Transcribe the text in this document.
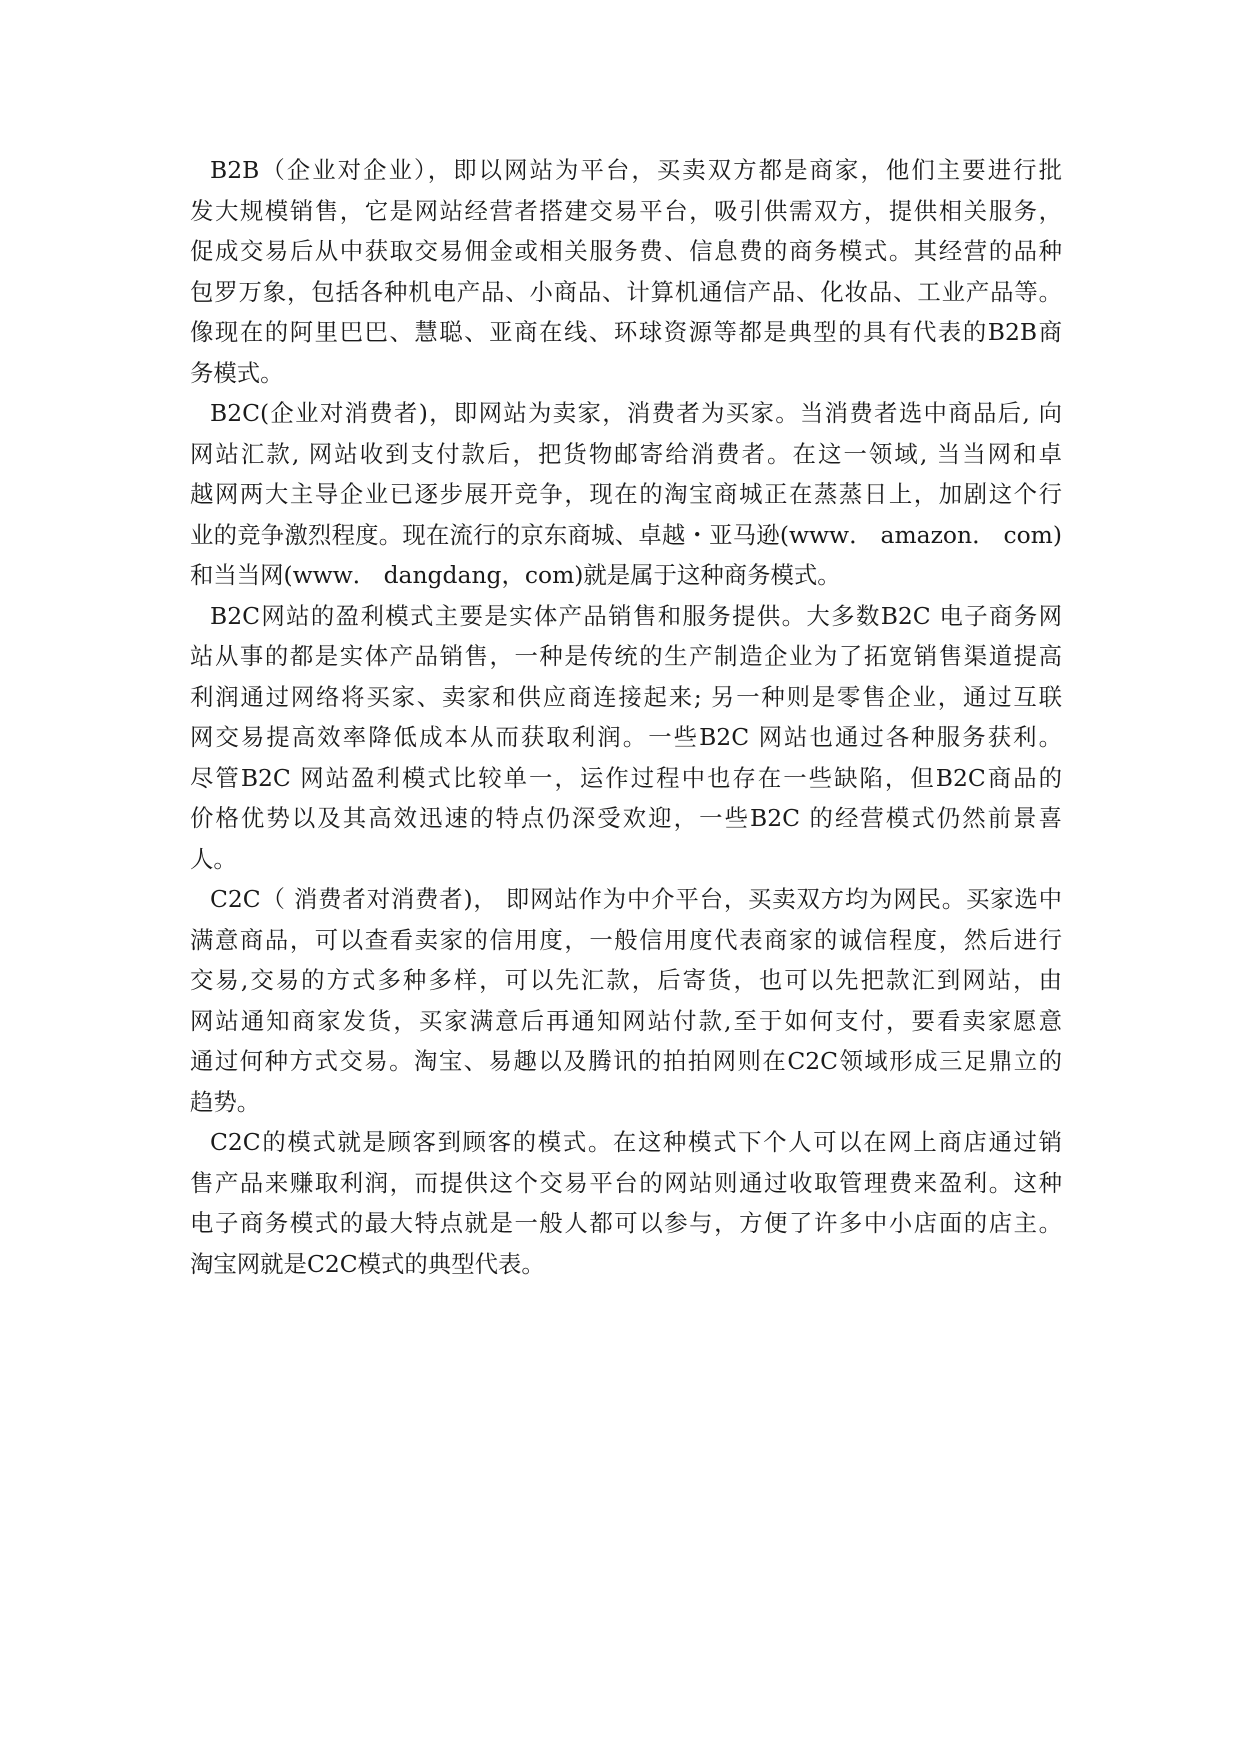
B2B（企业对企业），即以网站为平台，买卖双方都是商家，他们主要进行批
发大规模销售，它是网站经营者搭建交易平台，吸引供需双方，提供相关服务，
促成交易后从中获取交易佣金或相关服务费、信息费的商务模式。其经营的品种
包罗万象，包括各种机电产品、小商品、计算机通信产品、化妆品、工业产品等。
像现在的阿里巴巴、慧聪、亚商在线、环球资源等都是典型的具有代表的B2B商
务模式。
B2C(企业对消费者)，即网站为卖家，消费者为买家。当消费者选中商品后, 向
网站汇款, 网站收到支付款后，把货物邮寄给消费者。在这一领域, 当当网和卓
越网两大主导企业已逐步展开竞争，现在的淘宝商城正在蒸蒸日上，加剧这个行
业的竞争激烈程度。现在流行的京东商城、卓越・亚马逊(www． amazon． com)
和当当网(www． dangdang，com)就是属于这种商务模式。
B2C网站的盈利模式主要是实体产品销售和服务提供。大多数B2C 电子商务网
站从事的都是实体产品销售，一种是传统的生产制造企业为了拓宽销售渠道提高
利润通过网络将买家、卖家和供应商连接起来; 另一种则是零售企业，通过互联
网交易提高效率降低成本从而获取利润。一些B2C 网站也通过各种服务获利。
尽管B2C 网站盈利模式比较单一，运作过程中也存在一些缺陷，但B2C商品的
价格优势以及其高效迅速的特点仍深受欢迎，一些B2C 的经营模式仍然前景喜
人。
C2C（ 消费者对消费者)， 即网站作为中介平台，买卖双方均为网民。买家选中
满意商品，可以查看卖家的信用度，一般信用度代表商家的诚信程度，然后进行
交易,交易的方式多种多样，可以先汇款，后寄货，也可以先把款汇到网站，由
网站通知商家发货，买家满意后再通知网站付款,至于如何支付，要看卖家愿意
通过何种方式交易。淘宝、易趣以及腾讯的拍拍网则在C2C领域形成三足鼎立的
趋势。
C2C的模式就是顾客到顾客的模式。在这种模式下个人可以在网上商店通过销
售产品来赚取利润，而提供这个交易平台的网站则通过收取管理费来盈利。这种
电子商务模式的最大特点就是一般人都可以参与，方便了许多中小店面的店主。
淘宝网就是C2C模式的典型代表。
